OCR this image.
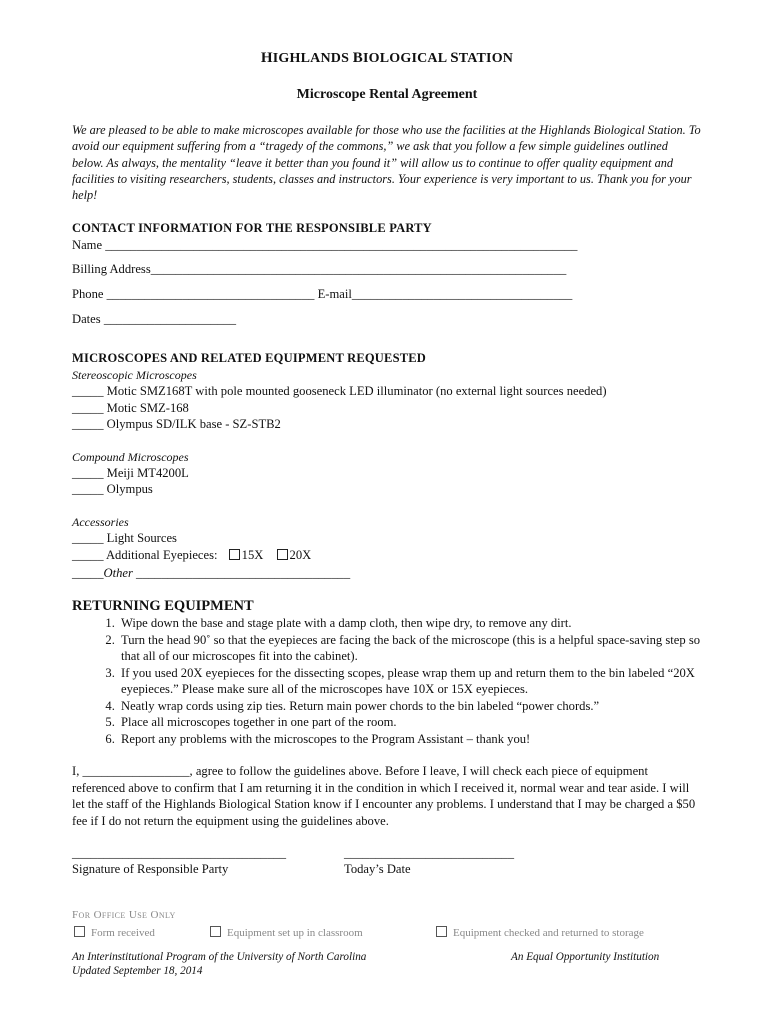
HIGHLANDS BIOLOGICAL STATION
Microscope Rental Agreement
We are pleased to be able to make microscopes available for those who use the facilities at the Highlands Biological Station. To avoid our equipment suffering from a “tragedy of the commons,” we ask that you follow a few simple guidelines outlined below. As always, the mentality “leave it better than you found it” will allow us to continue to offer quality equipment and facilities to visiting researchers, students, classes and instructors. Your experience is very important to us. Thank you for your help!
CONTACT INFORMATION FOR THE RESPONSIBLE PARTY
Name ___________________________________________________________________________
Billing Address__________________________________________________________________
Phone _________________________________ E-mail___________________________________
Dates _____________________
MICROSCOPES AND RELATED EQUIPMENT REQUESTED
Stereoscopic Microscopes
_____ Motic SMZ168T with pole mounted gooseneck LED illuminator (no external light sources needed)
_____ Motic SMZ-168
_____ Olympus SD/ILK base - SZ-STB2
Compound Microscopes
_____ Meiji MT4200L
_____ Olympus
Accessories
_____ Light Sources
_____ Additional Eyepieces: 15X 20X
_____Other __________________________________
RETURNING EQUIPMENT
1. Wipe down the base and stage plate with a damp cloth, then wipe dry, to remove any dirt.
2. Turn the head 90˚ so that the eyepieces are facing the back of the microscope (this is a helpful space-saving step so that all of our microscopes fit into the cabinet).
3. If you used 20X eyepieces for the dissecting scopes, please wrap them up and return them to the bin labeled “20X eyepieces.” Please make sure all of the microscopes have 10X or 15X eyepieces.
4. Neatly wrap cords using zip ties. Return main power chords to the bin labeled “power chords.”
5. Place all microscopes together in one part of the room.
6. Report any problems with the microscopes to the Program Assistant – thank you!
I, _________________, agree to follow the guidelines above. Before I leave, I will check each piece of equipment referenced above to confirm that I am returning it in the condition in which I received it, normal wear and tear aside. I will let the staff of the Highlands Biological Station know if I encounter any problems. I understand that I may be charged a $50 fee if I do not return the equipment using the guidelines above.
__________________________________
Signature of Responsible Party
___________________________
Today’s Date
For Office Use Only
Form received	Equipment set up in classroom	Equipment checked and returned to storage
An Interinstitutional Program of the University of North Carolina
Updated September 18, 2014
An Equal Opportunity Institution
